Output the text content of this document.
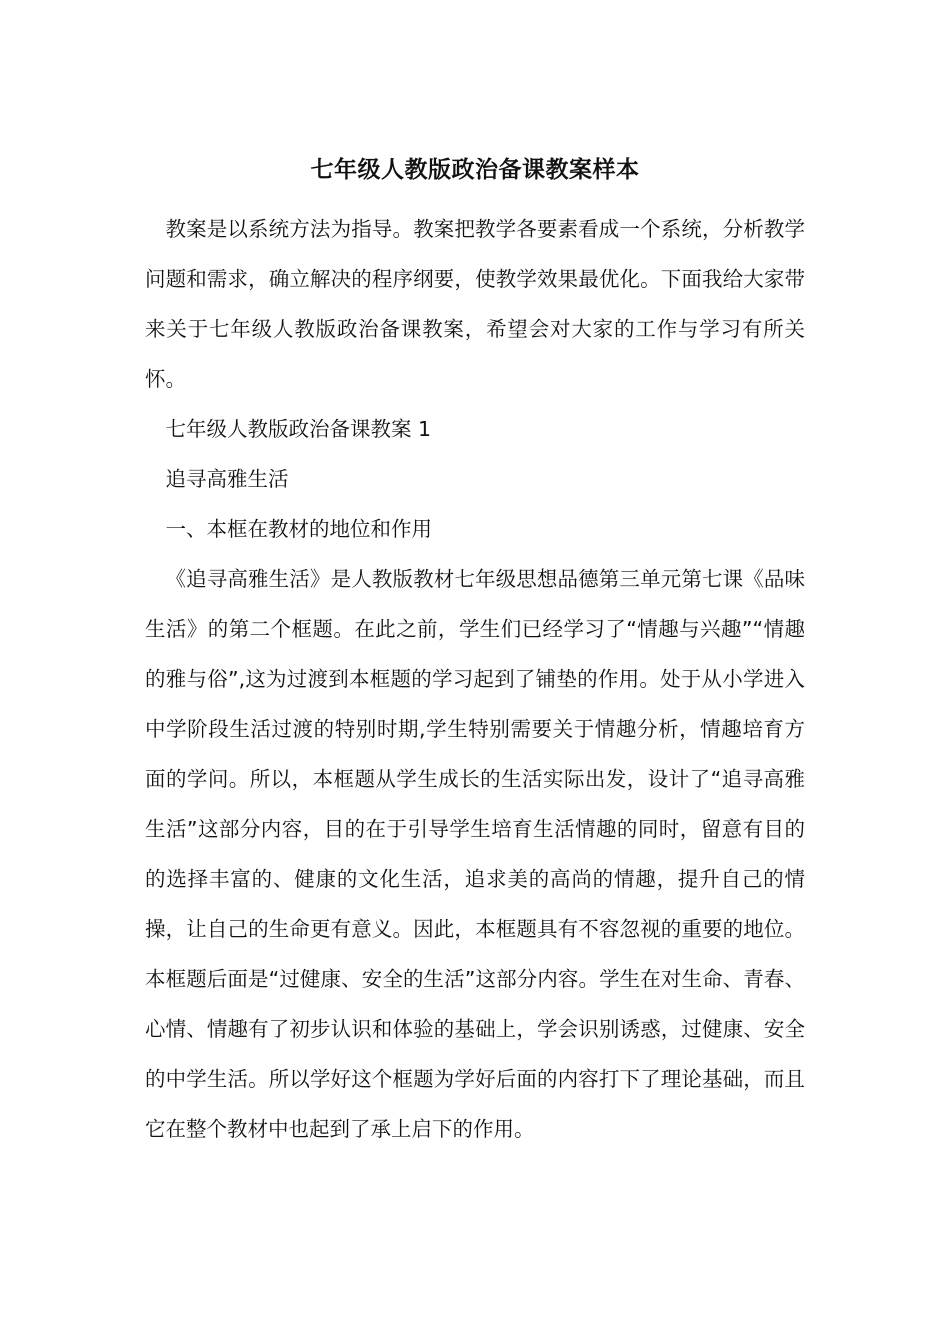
七年级人教版政治备课教案样本

教案是以系统方法为指导。教案把教学各要素看成一个系统，分析教学问题和需求，确立解决的程序纲要，使教学效果最优化。下面我给大家带来关于七年级人教版政治备课教案，希望会对大家的工作与学习有所关怀。

七年级人教版政治备课教案 1

追寻高雅生活

一、本框在教材的地位和作用

《追寻高雅生活》是人教版教材七年级思想品德第三单元第七课《品味生活》的第二个框题。在此之前，学生们已经学习了“情趣与兴趣”“情趣的雅与俗”,这为过渡到本框题的学习起到了铺垫的作用。处于从小学进入中学阶段生活过渡的特别时期,学生特别需要关于情趣分析，情趣培育方面的学问。所以，本框题从学生成长的生活实际出发，设计了“追寻高雅生活”这部分内容，目的在于引导学生培育生活情趣的同时，留意有目的的选择丰富的、健康的文化生活，追求美的高尚的情趣，提升自己的情操，让自己的生命更有意义。因此，本框题具有不容忽视的重要的地位。本框题后面是“过健康、安全的生活”这部分内容。学生在对生命、青春、心情、情趣有了初步认识和体验的基础上，学会识别诱惑，过健康、安全的中学生活。所以学好这个框题为学好后面的内容打下了理论基础，而且它在整个教材中也起到了承上启下的作用。
